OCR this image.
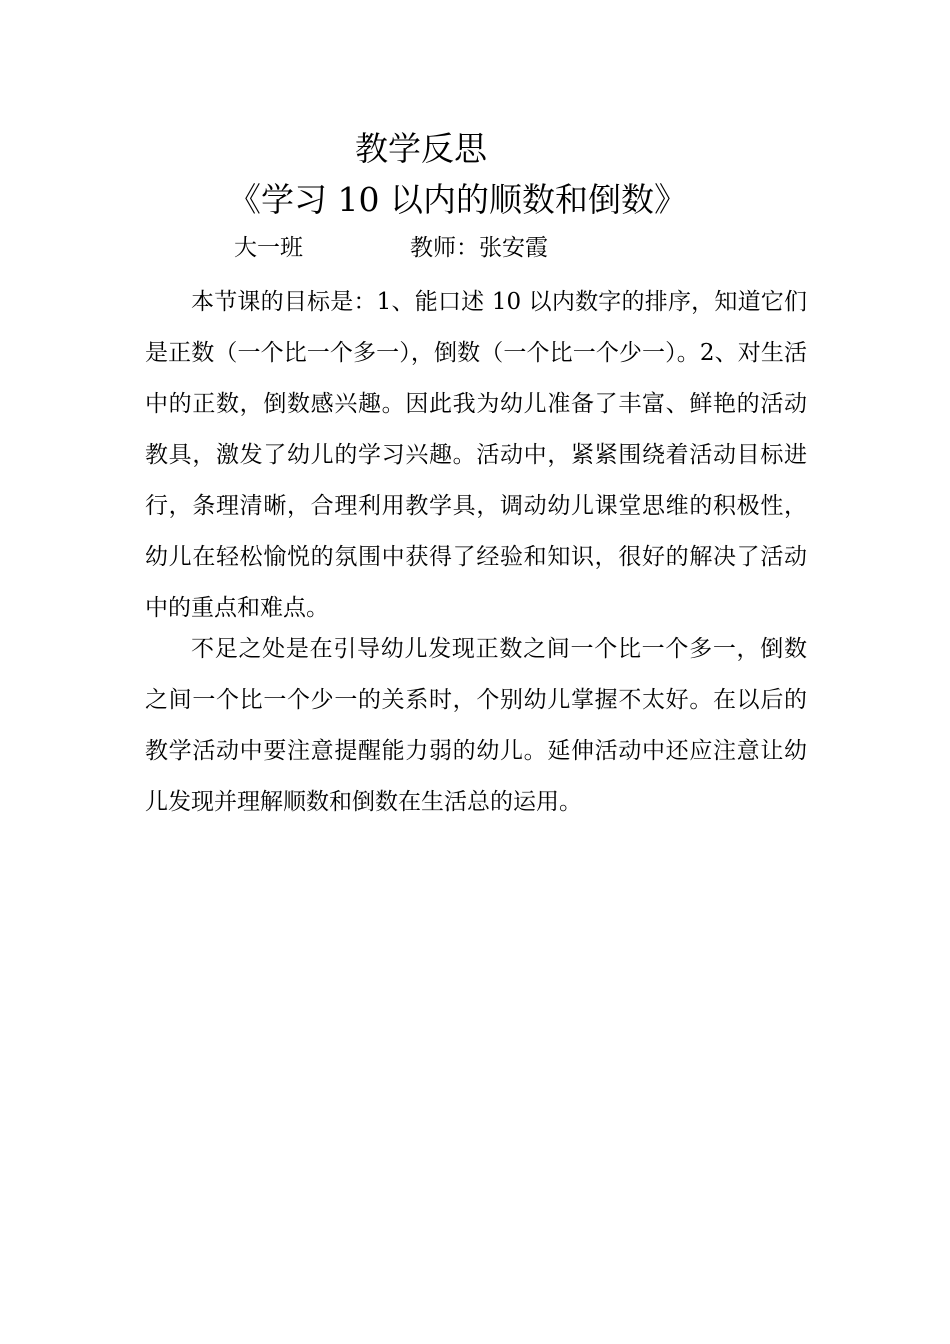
教学反思
《学习 10 以内的顺数和倒数》
大一班	教师：张安霞

本节课的目标是：1、能口述 10 以内数字的排序，知道它们是正数（一个比一个多一），倒数（一个比一个少一）。2、对生活中的正数，倒数感兴趣。因此我为幼儿准备了丰富、鲜艳的活动教具，激发了幼儿的学习兴趣。活动中，紧紧围绕着活动目标进行，条理清晰，合理利用教学具，调动幼儿课堂思维的积极性，幼儿在轻松愉悦的氛围中获得了经验和知识，很好的解决了活动中的重点和难点。

不足之处是在引导幼儿发现正数之间一个比一个多一，倒数之间一个比一个少一的关系时，个别幼儿掌握不太好。在以后的教学活动中要注意提醒能力弱的幼儿。延伸活动中还应注意让幼儿发现并理解顺数和倒数在生活总的运用。
